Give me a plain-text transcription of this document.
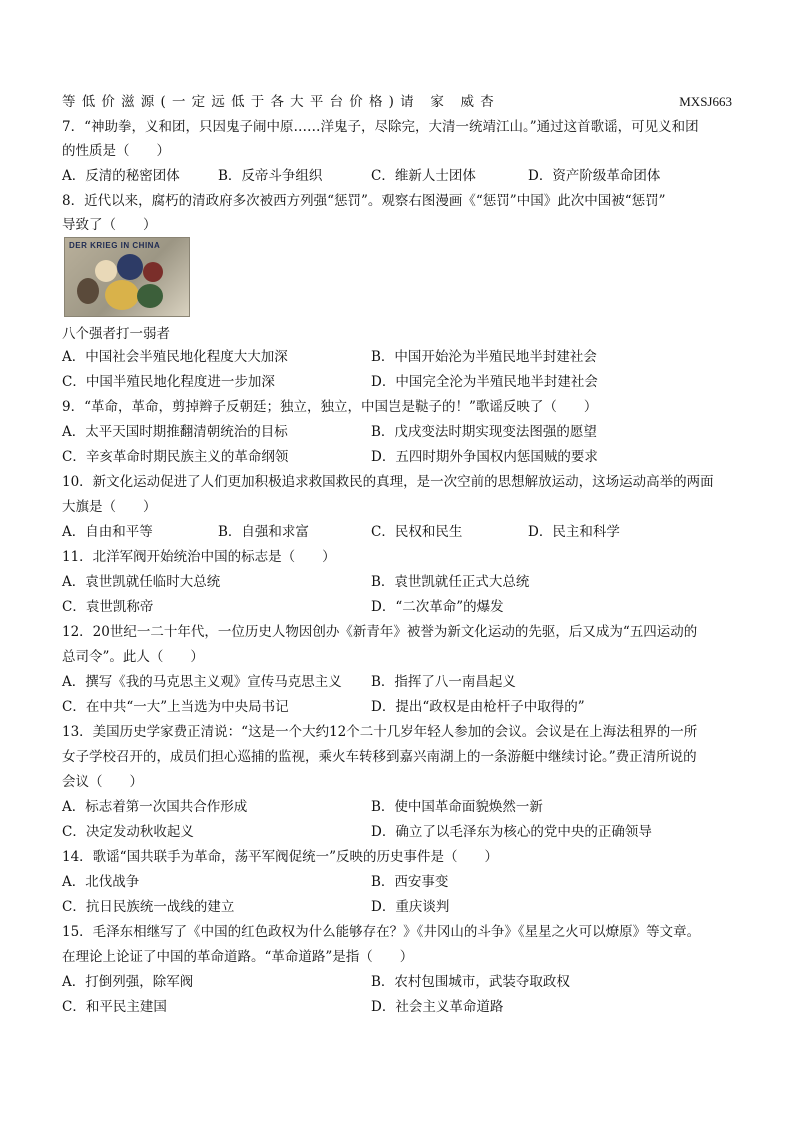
等低价滋源(一定远低于各大平台价格)请 家 威杏	MXSJ663
7．“神助拳，义和团，只因鬼子闹中原……洋鬼子，尽除完，大清一统靖江山。”通过这首歌谣，可见义和团
的性质是（　　）
A．反清的秘密团体	B．反帝斗争组织	C．维新人士团体	D．资产阶级革命团体
8．近代以来，腐朽的清政府多次被西方列强“惩罚”。观察右图漫画《“惩罚”中国》此次中国被“惩罚”
导致了（　　）
DER KRIEG IN CHINA
八个强者打一弱者
A．中国社会半殖民地化程度大大加深	B．中国开始沦为半殖民地半封建社会
C．中国半殖民地化程度进一步加深	D．中国完全沦为半殖民地半封建社会
9．“革命，革命，剪掉辫子反朝廷；独立，独立，中国岂是鞑子的！”歌谣反映了（　　）
A．太平天国时期推翻清朝统治的目标	B．戊戌变法时期实现变法图强的愿望
C．辛亥革命时期民族主义的革命纲领	D．五四时期外争国权内惩国贼的要求
10．新文化运动促进了人们更加积极追求救国救民的真理，是一次空前的思想解放运动，这场运动高举的两面
大旗是（　　）
A．自由和平等	B．自强和求富	C．民权和民生	D．民主和科学
11．北洋军阀开始统治中国的标志是（　　）
A．袁世凯就任临时大总统	B．袁世凯就任正式大总统
C．袁世凯称帝	D．“二次革命”的爆发
12．20世纪一二十年代，一位历史人物因创办《新青年》被誉为新文化运动的先驱，后又成为“五四运动的
总司令”。此人（　　）
A．撰写《我的马克思主义观》宣传马克思主义 B．指挥了八一南昌起义
C．在中共“一大”上当选为中央局书记	D．提出“政权是由枪杆子中取得的”
13．美国历史学家费正清说：“这是一个大约12个二十几岁年轻人参加的会议。会议是在上海法租界的一所
女子学校召开的，成员们担心巡捕的监视，乘火车转移到嘉兴南湖上的一条游艇中继续讨论。”费正清所说的
会议（　　）
A．标志着第一次国共合作形成	B．使中国革命面貌焕然一新
C．决定发动秋收起义	D．确立了以毛泽东为核心的党中央的正确领导
14．歌谣“国共联手为革命，荡平军阀促统一”反映的历史事件是（　　）
A．北伐战争	B．西安事变
C．抗日民族统一战线的建立	D．重庆谈判
15．毛泽东相继写了《中国的红色政权为什么能够存在？》《井冈山的斗争》《星星之火可以燎原》等文章。
在理论上论证了中国的革命道路。“革命道路”是指（　　）
A．打倒列强，除军阀	B．农村包围城市，武装夺取政权
C．和平民主建国	D．社会主义革命道路
